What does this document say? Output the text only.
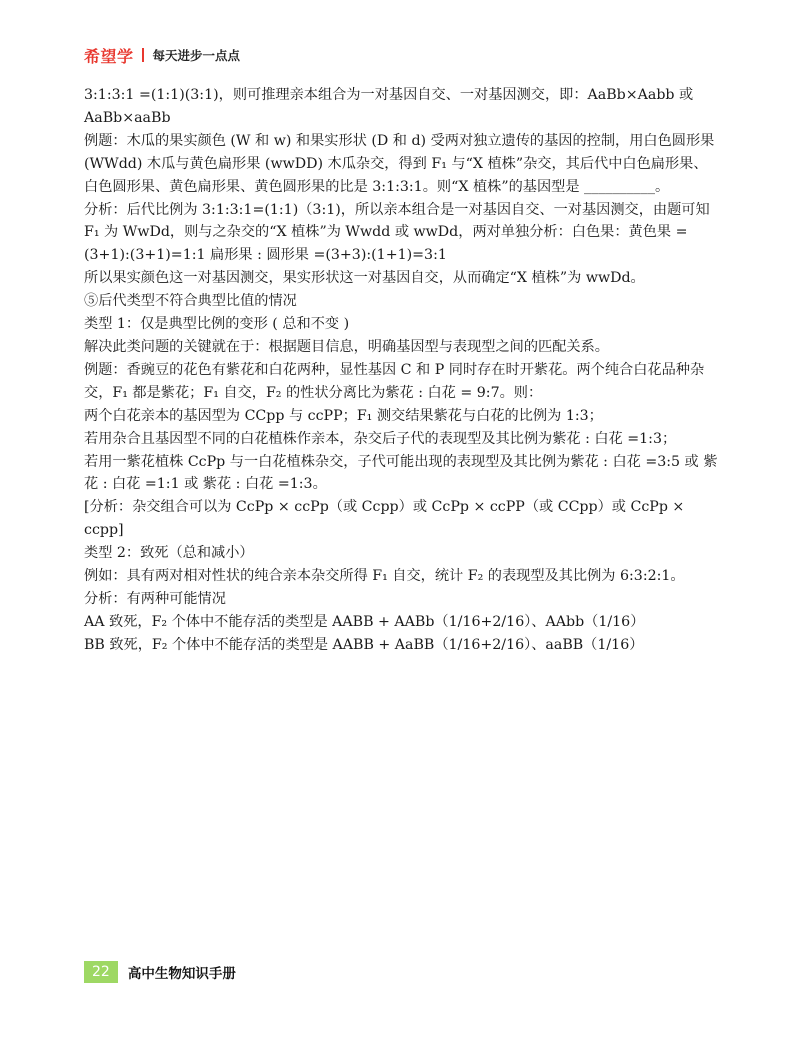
希望学 每天进步一点点

3:1:3:1 =(1:1)(3:1)，则可推理亲本组合为一对基因自交、一对基因测交，即：AaBb×Aabb 或 AaBb×aaBb

例题：木瓜的果实颜色 (W 和 w) 和果实形状 (D 和 d) 受两对独立遗传的基因的控制，用白色圆形果 (WWdd) 木瓜与黄色扁形果 (wwDD) 木瓜杂交，得到 F₁ 与“X 植株”杂交，其后代中白色扁形果、白色圆形果、黄色扁形果、黄色圆形果的比是 3:1:3:1。则“X 植株”的基因型是 __________。

分析：后代比例为 3:1:3:1=(1:1)（3:1)，所以亲本组合是一对基因自交、一对基因测交，由题可知 F₁ 为 WwDd，则与之杂交的“X 植株”为 Wwdd 或 wwDd，两对单独分析：白色果：黄色果 =(3+1):(3+1)=1:1 扁形果 : 圆形果 =(3+3):(1+1)=3:1

所以果实颜色这一对基因测交，果实形状这一对基因自交，从而确定“X 植株”为 wwDd。

⑤后代类型不符合典型比值的情况

类型 1：仅是典型比例的变形 ( 总和不变 )

解决此类问题的关键就在于：根据题目信息，明确基因型与表现型之间的匹配关系。

例题：香豌豆的花色有紫花和白花两种，显性基因 C 和 P 同时存在时开紫花。两个纯合白花品种杂交，F₁ 都是紫花；F₁ 自交，F₂ 的性状分离比为紫花 : 白花 = 9:7。则：

两个白花亲本的基因型为 CCpp 与 ccPP；F₁ 测交结果紫花与白花的比例为 1:3；

若用杂合且基因型不同的白花植株作亲本，杂交后子代的表现型及其比例为紫花 : 白花 =1:3；

若用一紫花植株 CcPp 与一白花植株杂交，子代可能出现的表现型及其比例为紫花 : 白花 =3:5 或 紫花 : 白花 =1:1 或 紫花 : 白花 =1:3。

[分析：杂交组合可以为 CcPp × ccPp（或 Ccpp）或 CcPp × ccPP（或 CCpp）或 CcPp × ccpp]

类型 2：致死（总和减小）

例如：具有两对相对性状的纯合亲本杂交所得 F₁ 自交，统计 F₂ 的表现型及其比例为 6:3:2:1。

分析：有两种可能情况

AA 致死，F₂ 个体中不能存活的类型是 AABB + AABb（1/16+2/16）、AAbb（1/16）

BB 致死，F₂ 个体中不能存活的类型是 AABB + AaBB（1/16+2/16）、aaBB（1/16）

22	高中生物知识手册
